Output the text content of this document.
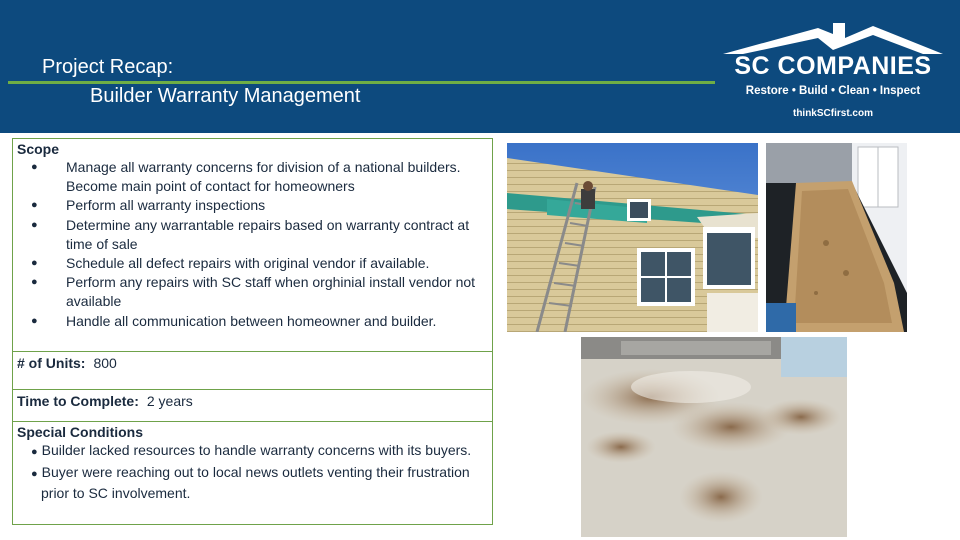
Project Recap:
Builder Warranty Management
SC COMPANIES
Restore • Build • Clean • Inspect
thinkSCfirst.com
Scope
● Manage all warranty concerns for division of a national builders. Become main point of contact for homeowners
● Perform all warranty inspections
● Determine any warrantable repairs based on warranty contract at time of sale
● Schedule all defect repairs with original vendor if available.
● Perform any repairs with SC staff when orghinial install vendor not available
● Handle all communication between homeowner and builder.
# of Units: 800
Time to Complete: 2 years
Special Conditions
● Builder lacked resources to handle warranty concerns with its buyers.
● Buyer were reaching out to local news outlets venting their frustration prior to SC involvement.
